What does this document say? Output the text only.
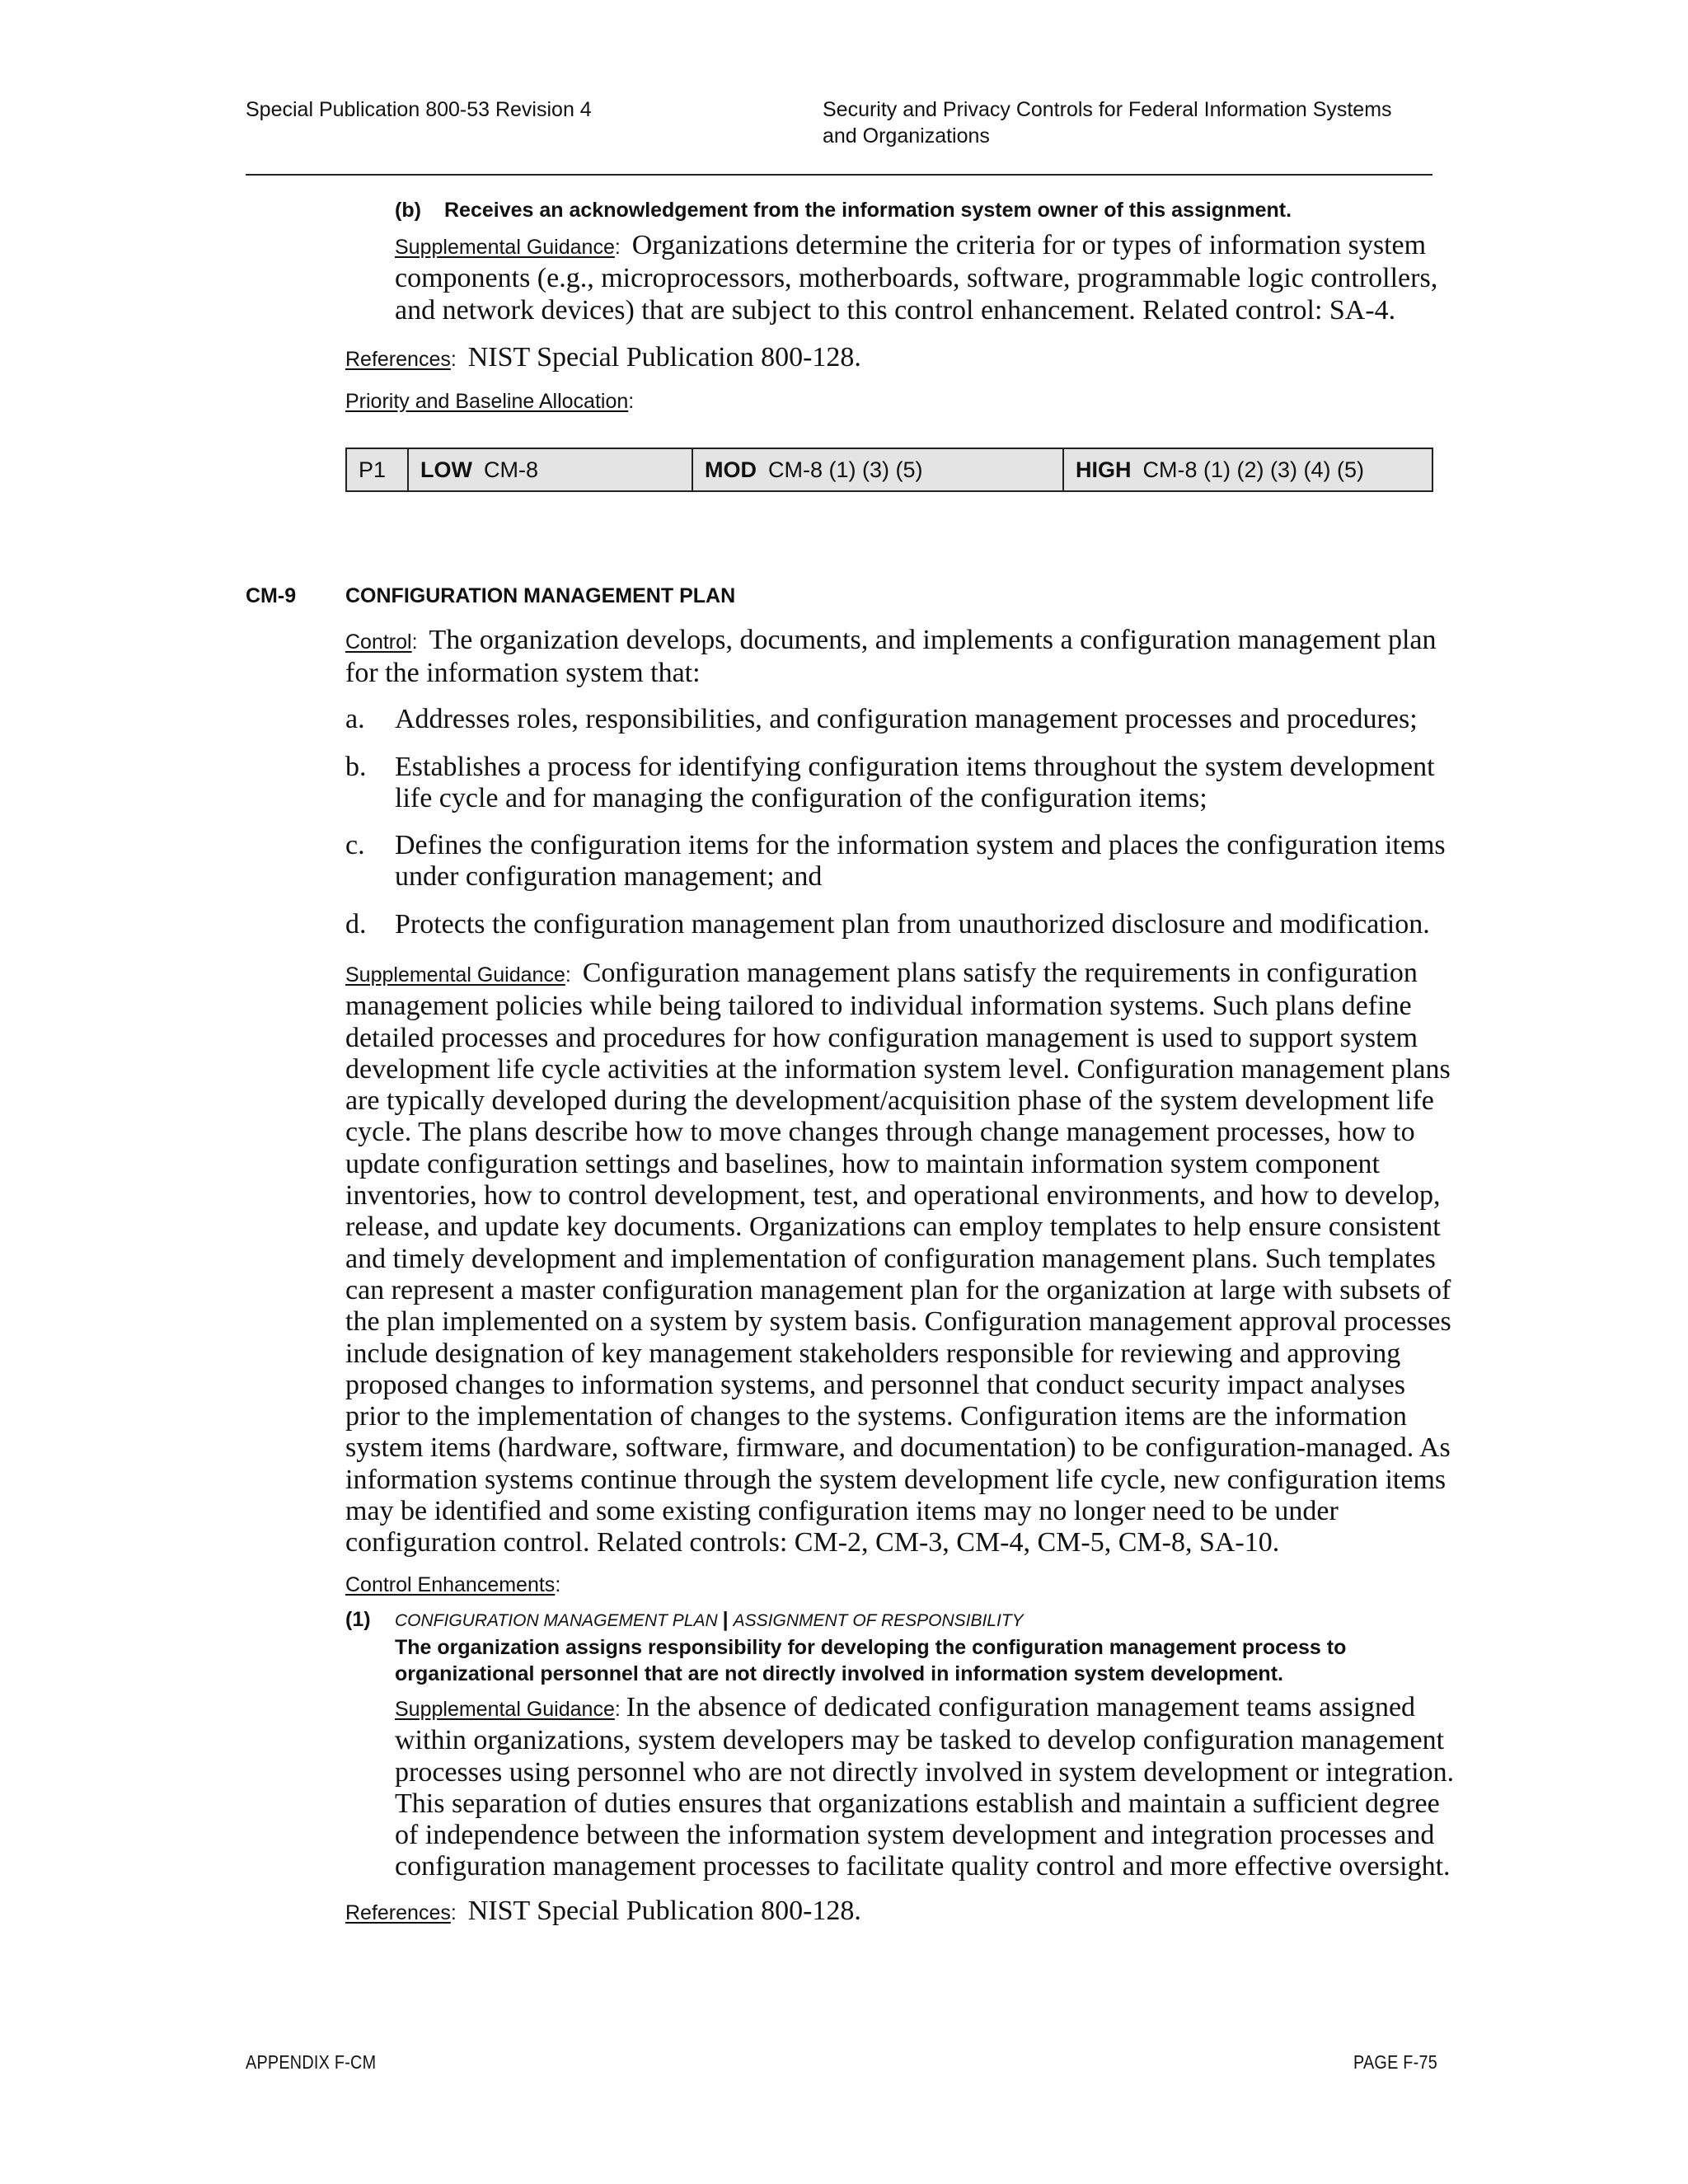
Special Publication 800-53 Revision 4	Security and Privacy Controls for Federal Information Systems
and Organizations
(b) Receives an acknowledgement from the information system owner of this assignment.
Supplemental Guidance:  Organizations determine the criteria for or types of information system
components (e.g., microprocessors, motherboards, software, programmable logic controllers,
and network devices) that are subject to this control enhancement. Related control: SA-4.
References:  NIST Special Publication 800-128.
Priority and Baseline Allocation:
P1	LOW CM-8	MOD CM-8 (1) (3) (5)	HIGH CM-8 (1) (2) (3) (4) (5)
CM-9 CONFIGURATION MANAGEMENT PLAN
Control:  The organization develops, documents, and implements a configuration management plan
for the information system that:
a. Addresses roles, responsibilities, and configuration management processes and procedures;
b. Establishes a process for identifying configuration items throughout the system development
life cycle and for managing the configuration of the configuration items;
c. Defines the configuration items for the information system and places the configuration items
under configuration management; and
d. Protects the configuration management plan from unauthorized disclosure and modification.
Supplemental Guidance:  Configuration management plans satisfy the requirements in configuration
management policies while being tailored to individual information systems. Such plans define
detailed processes and procedures for how configuration management is used to support system
development life cycle activities at the information system level. Configuration management plans
are typically developed during the development/acquisition phase of the system development life
cycle. The plans describe how to move changes through change management processes, how to
update configuration settings and baselines, how to maintain information system component
inventories, how to control development, test, and operational environments, and how to develop,
release, and update key documents. Organizations can employ templates to help ensure consistent
and timely development and implementation of configuration management plans. Such templates
can represent a master configuration management plan for the organization at large with subsets of
the plan implemented on a system by system basis. Configuration management approval processes
include designation of key management stakeholders responsible for reviewing and approving
proposed changes to information systems, and personnel that conduct security impact analyses
prior to the implementation of changes to the systems. Configuration items are the information
system items (hardware, software, firmware, and documentation) to be configuration-managed. As
information systems continue through the system development life cycle, new configuration items
may be identified and some existing configuration items may no longer need to be under
configuration control. Related controls: CM-2, CM-3, CM-4, CM-5, CM-8, SA-10.
Control Enhancements:
(1) CONFIGURATION MANAGEMENT PLAN | ASSIGNMENT OF RESPONSIBILITY
The organization assigns responsibility for developing the configuration management process to
organizational personnel that are not directly involved in information system development.
Supplemental Guidance: In the absence of dedicated configuration management teams assigned
within organizations, system developers may be tasked to develop configuration management
processes using personnel who are not directly involved in system development or integration.
This separation of duties ensures that organizations establish and maintain a sufficient degree
of independence between the information system development and integration processes and
configuration management processes to facilitate quality control and more effective oversight.
References:  NIST Special Publication 800-128.
APPENDIX F-CM	PAGE F-75
